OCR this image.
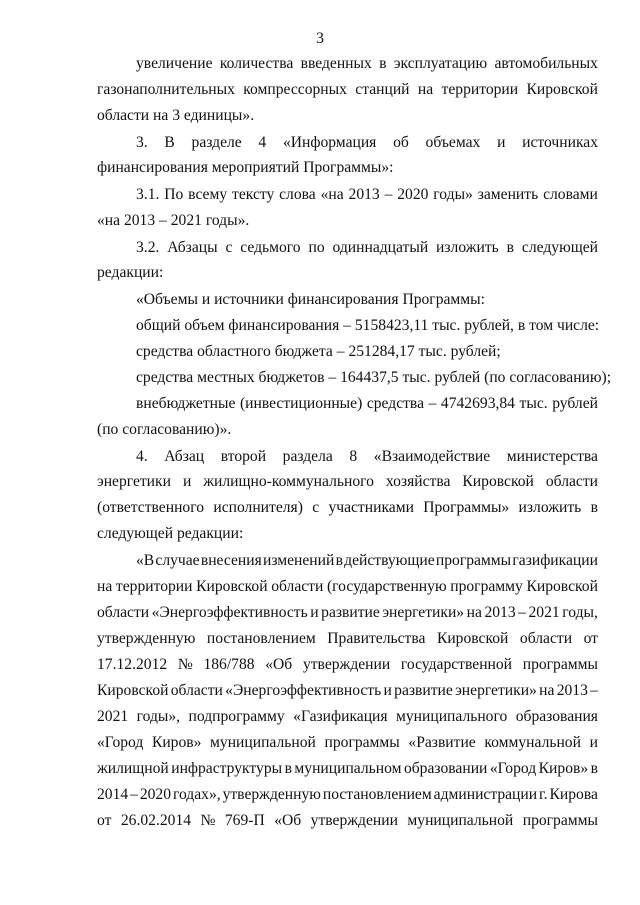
3
увеличение количества введенных в эксплуатацию автомобильных
газонаполнительных компрессорных станций на территории Кировской
области на 3 единицы».
3. В разделе 4 «Информация об объемах и источниках
финансирования мероприятий Программы»:
3.1. По всему тексту слова «на 2013 – 2020 годы» заменить словами
«на 2013 – 2021 годы».
3.2. Абзацы с седьмого по одиннадцатый изложить в следующей
редакции:
«Объемы и источники финансирования Программы:
общий объем финансирования – 5158423,11 тыс. рублей, в том числе:
средства областного бюджета – 251284,17 тыс. рублей;
средства местных бюджетов – 164437,5 тыс. рублей (по согласованию);
внебюджетные (инвестиционные) средства – 4742693,84 тыс. рублей
(по согласованию)».
4. Абзац второй раздела 8 «Взаимодействие министерства
энергетики и жилищно-коммунального хозяйства Кировской области
(ответственного исполнителя) с участниками Программы» изложить в
следующей редакции:
«В случае внесения изменений в действующие программы газификации
на территории Кировской области (государственную программу Кировской
области «Энергоэффективность и развитие энергетики» на 2013 – 2021 годы,
утвержденную постановлением Правительства Кировской области от
17.12.2012 № 186/788 «Об утверждении государственной программы
Кировской области «Энергоэффективность и развитие энергетики» на 2013 –
2021 годы», подпрограмму «Газификация муниципального образования
«Город Киров» муниципальной программы «Развитие коммунальной и
жилищной инфраструктуры в муниципальном образовании «Город Киров» в
2014 – 2020 годах», утвержденную постановлением администрации г. Кирова
от 26.02.2014 № 769-П «Об утверждении муниципальной программы
